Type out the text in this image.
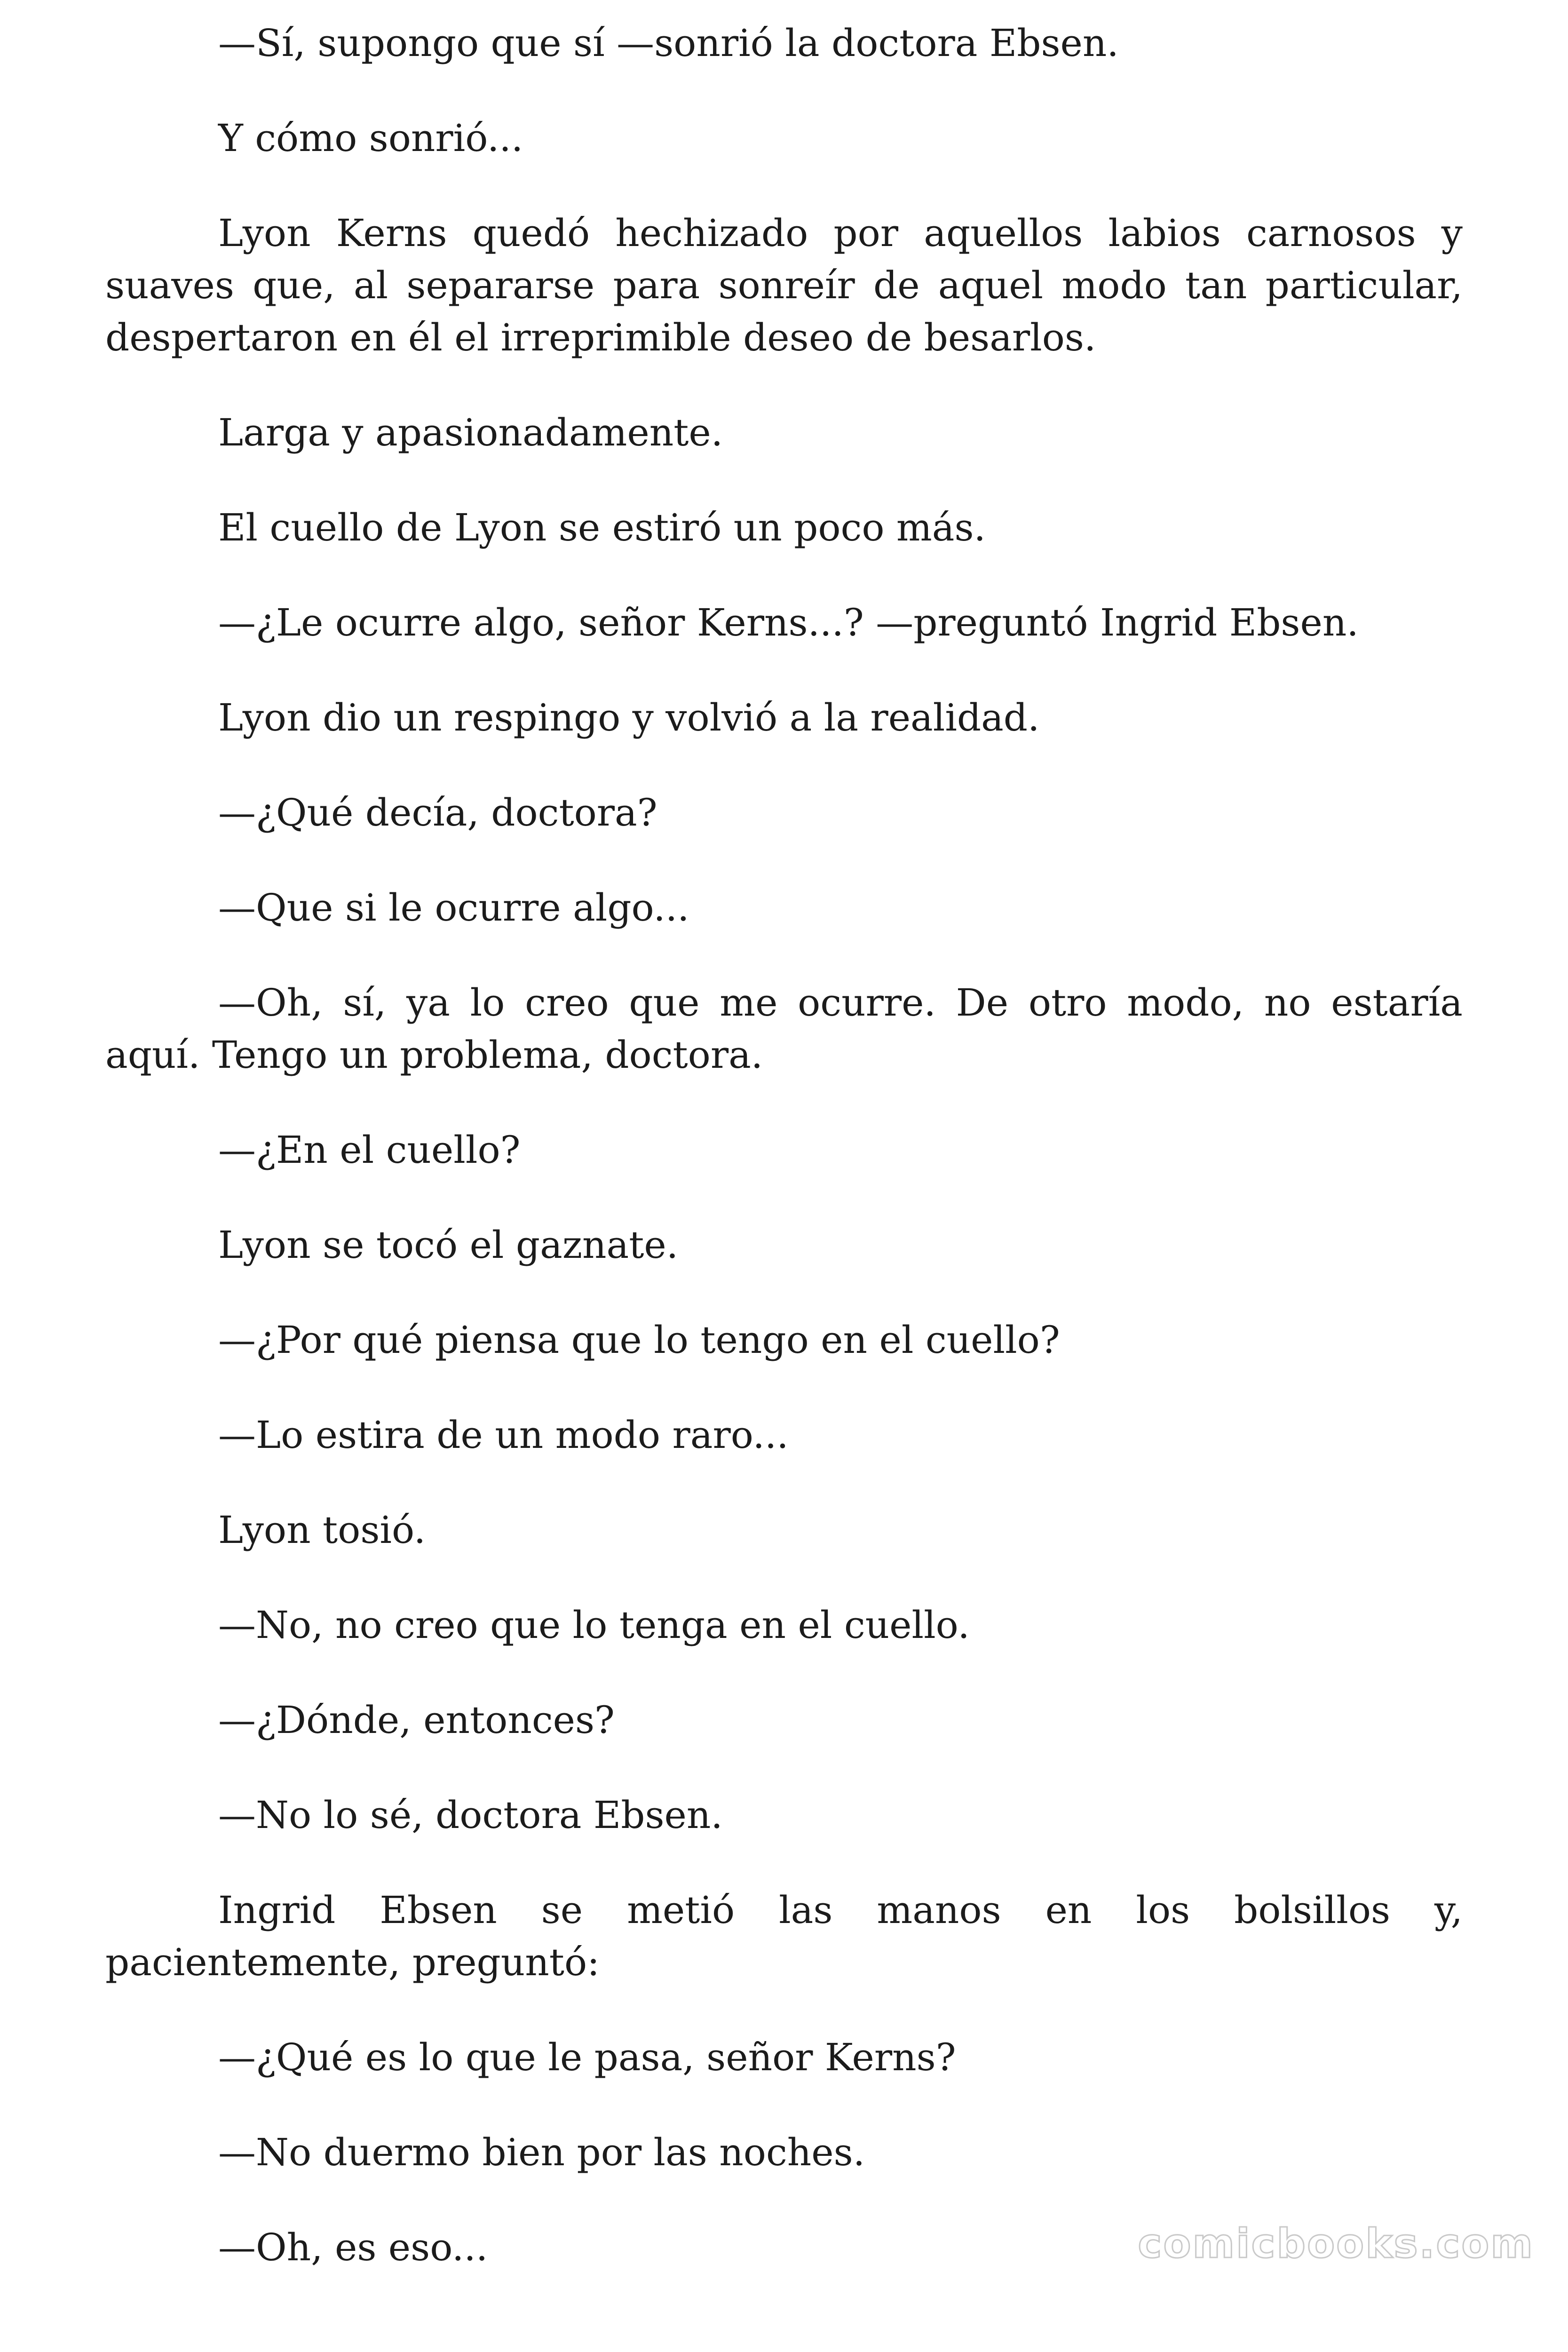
—Sí, supongo que sí —sonrió la doctora Ebsen.

Y cómo sonrió...

Lyon Kerns quedó hechizado por aquellos labios carnosos y suaves que, al separarse para sonreír de aquel modo tan particular, despertaron en él el irreprimible deseo de besarlos.

Larga y apasionadamente.

El cuello de Lyon se estiró un poco más.

—¿Le ocurre algo, señor Kerns...? —preguntó Ingrid Ebsen.

Lyon dio un respingo y volvió a la realidad.

—¿Qué decía, doctora?

—Que si le ocurre algo...

—Oh, sí, ya lo creo que me ocurre. De otro modo, no estaría aquí. Tengo un problema, doctora.

—¿En el cuello?

Lyon se tocó el gaznate.

—¿Por qué piensa que lo tengo en el cuello?

—Lo estira de un modo raro...

Lyon tosió.

—No, no creo que lo tenga en el cuello.

—¿Dónde, entonces?

—No lo sé, doctora Ebsen.

Ingrid Ebsen se metió las manos en los bolsillos y, pacientemente, preguntó:

—¿Qué es lo que le pasa, señor Kerns?

—No duermo bien por las noches.

—Oh, es eso...	comicbooks.com
